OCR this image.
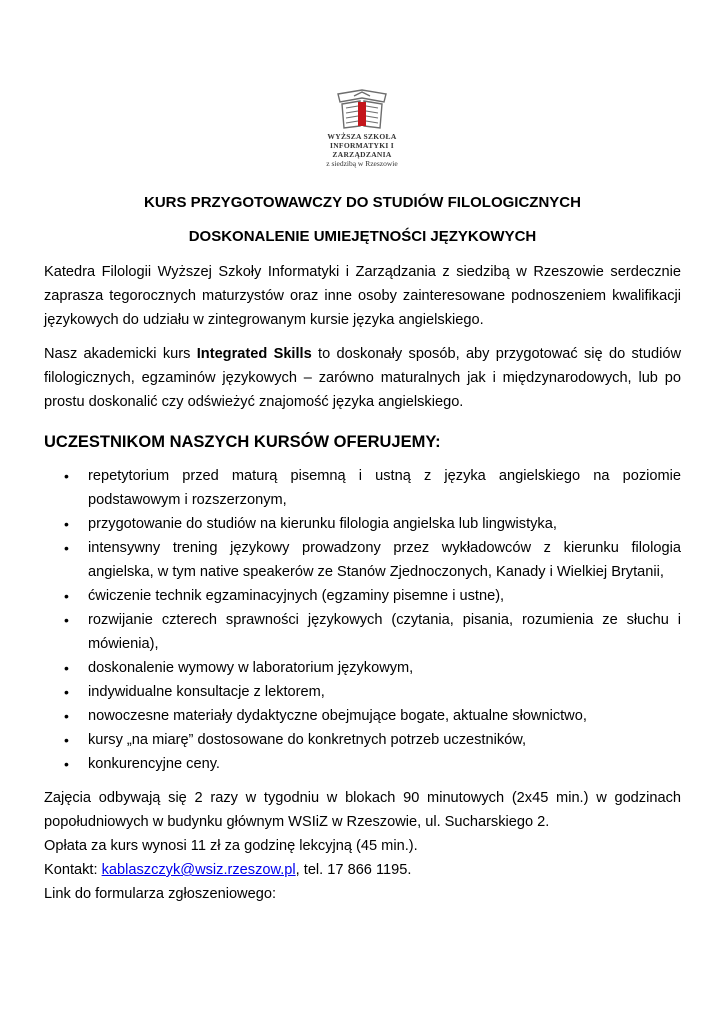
WYŻSZA SZKOŁA
INFORMATYKI I ZARZĄDZANIA
z siedzibą w Rzeszowie
KURS PRZYGOTOWAWCZY DO STUDIÓW FILOLOGICZNYCH
DOSKONALENIE UMIEJĘTNOŚCI JĘZYKOWYCH

Katedra Filologii Wyższej Szkoły Informatyki i Zarządzania z siedzibą w Rzeszowie serdecznie zaprasza tegorocznych maturzystów oraz inne osoby zainteresowane podnoszeniem kwalifikacji językowych do udziału w zintegrowanym kursie języka angielskiego.

Nasz akademicki kurs Integrated Skills to doskonały sposób, aby przygotować się do studiów filologicznych, egzaminów językowych – zarówno maturalnych jak i międzynarodowych, lub po prostu doskonalić czy odświeżyć znajomość języka angielskiego.

UCZESTNIKOM NASZYCH KURSÓW OFERUJEMY:
• repetytorium przed maturą pisemną i ustną z języka angielskiego na poziomie podstawowym i rozszerzonym,
• przygotowanie do studiów na kierunku filologia angielska lub lingwistyka,
• intensywny trening językowy prowadzony przez wykładowców z kierunku filologia angielska, w tym native speakerów ze Stanów Zjednoczonych, Kanady i Wielkiej Brytanii,
• ćwiczenie technik egzaminacyjnych (egzaminy pisemne i ustne),
• rozwijanie czterech sprawności językowych (czytania, pisania, rozumienia ze słuchu i mówienia),
• doskonalenie wymowy w laboratorium językowym,
• indywidualne konsultacje z lektorem,
• nowoczesne materiały dydaktyczne obejmujące bogate, aktualne słownictwo,
• kursy „na miarę” dostosowane do konkretnych potrzeb uczestników,
• konkurencyjne ceny.

Zajęcia odbywają się 2 razy w tygodniu w blokach 90 minutowych (2x45 min.) w godzinach popołudniowych w budynku głównym WSIiZ w Rzeszowie, ul. Sucharskiego 2.

Opłata za kurs wynosi 11 zł za godzinę lekcyjną (45 min.).

Kontakt: kablaszczyk@wsiz.rzeszow.pl, tel. 17 866 1195.

Link do formularza zgłoszeniowego:
